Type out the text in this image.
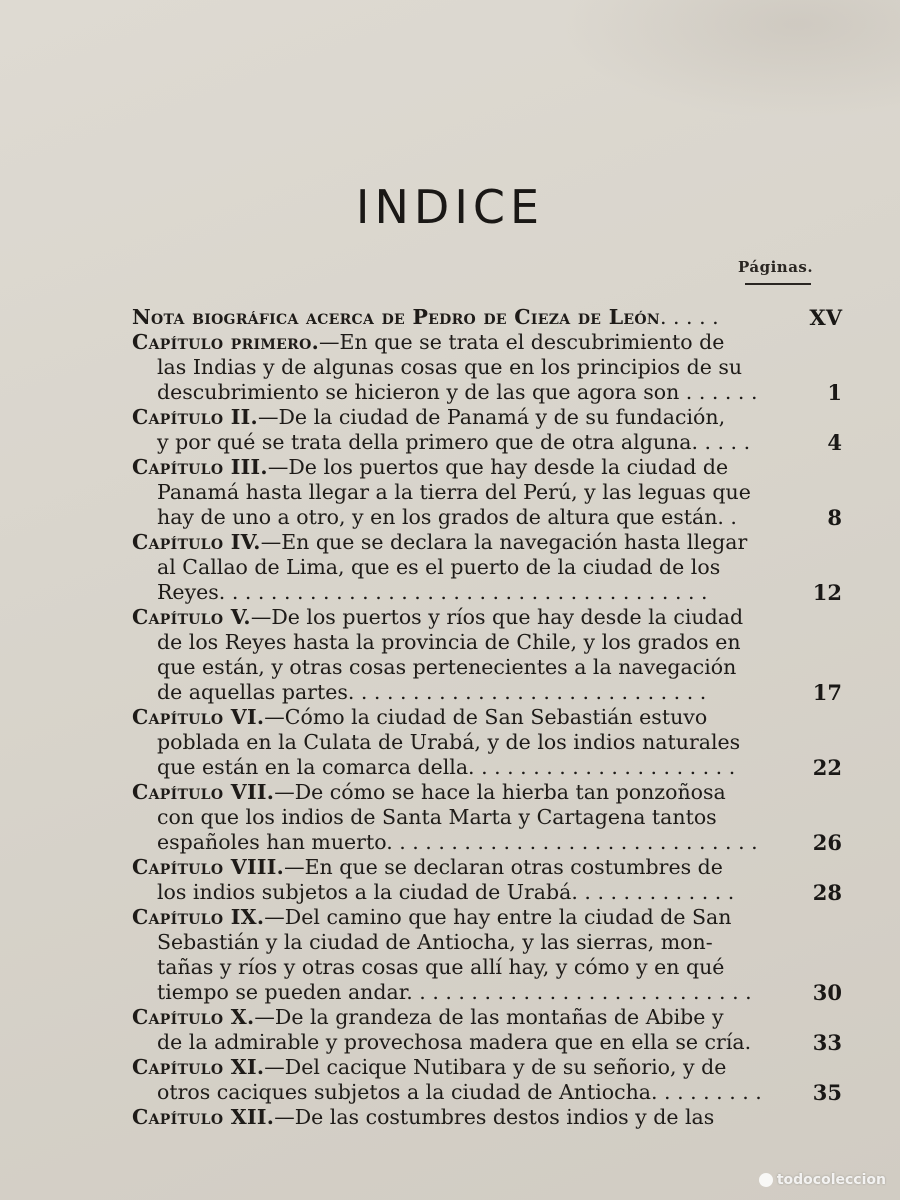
INDICE
Páginas.
Nota biográfica acerca de Pedro de Cieza de León. . . . .	XV
Capítulo primero.—En que se trata el descubrimiento de
las Indias y de algunas cosas que en los principios de su
descubrimiento se hicieron y de las que agora son . . . . . .	1
Capítulo II.—De la ciudad de Panamá y de su fundación,
y por qué se trata della primero que de otra alguna. . . . .	4
Capítulo III.—De los puertos que hay desde la ciudad de
Panamá hasta llegar a la tierra del Perú, y las leguas que
hay de uno a otro, y en los grados de altura que están. .	8
Capítulo IV.—En que se declara la navegación hasta llegar
al Callao de Lima, que es el puerto de la ciudad de los
Reyes. . . . . . . . . . . . . . . . . . . . . . . . . . . . . . . . . . . . . .	12
Capítulo V.—De los puertos y ríos que hay desde la ciudad
de los Reyes hasta la provincia de Chile, y los grados en
que están, y otras cosas pertenecientes a la navegación
de aquellas partes. . . . . . . . . . . . . . . . . . . . . . . . . . . .	17
Capítulo VI.—Cómo la ciudad de San Sebastián estuvo
poblada en la Culata de Urabá, y de los indios naturales
que están en la comarca della. . . . . . . . . . . . . . . . . . . . .	22
Capítulo VII.—De cómo se hace la hierba tan ponzoñosa
con que los indios de Santa Marta y Cartagena tantos
españoles han muerto. . . . . . . . . . . . . . . . . . . . . . . . . . . . .	26
Capítulo VIII.—En que se declaran otras costumbres de
los indios subjetos a la ciudad de Urabá. . . . . . . . . . . . .	28
Capítulo IX.—Del camino que hay entre la ciudad de San
Sebastián y la ciudad de Antiocha, y las sierras, mon-
tañas y ríos y otras cosas que allí hay, y cómo y en qué
tiempo se pueden andar. . . . . . . . . . . . . . . . . . . . . . . . . . .	30
Capítulo X.—De la grandeza de las montañas de Abibe y
de la admirable y provechosa madera que en ella se cría.	33
Capítulo XI.—Del cacique Nutibara y de su señorio, y de
otros caciques subjetos a la ciudad de Antiocha. . . . . . . . . 35
Capítulo XII.—De las costumbres destos indios y de las
todocoleccion
